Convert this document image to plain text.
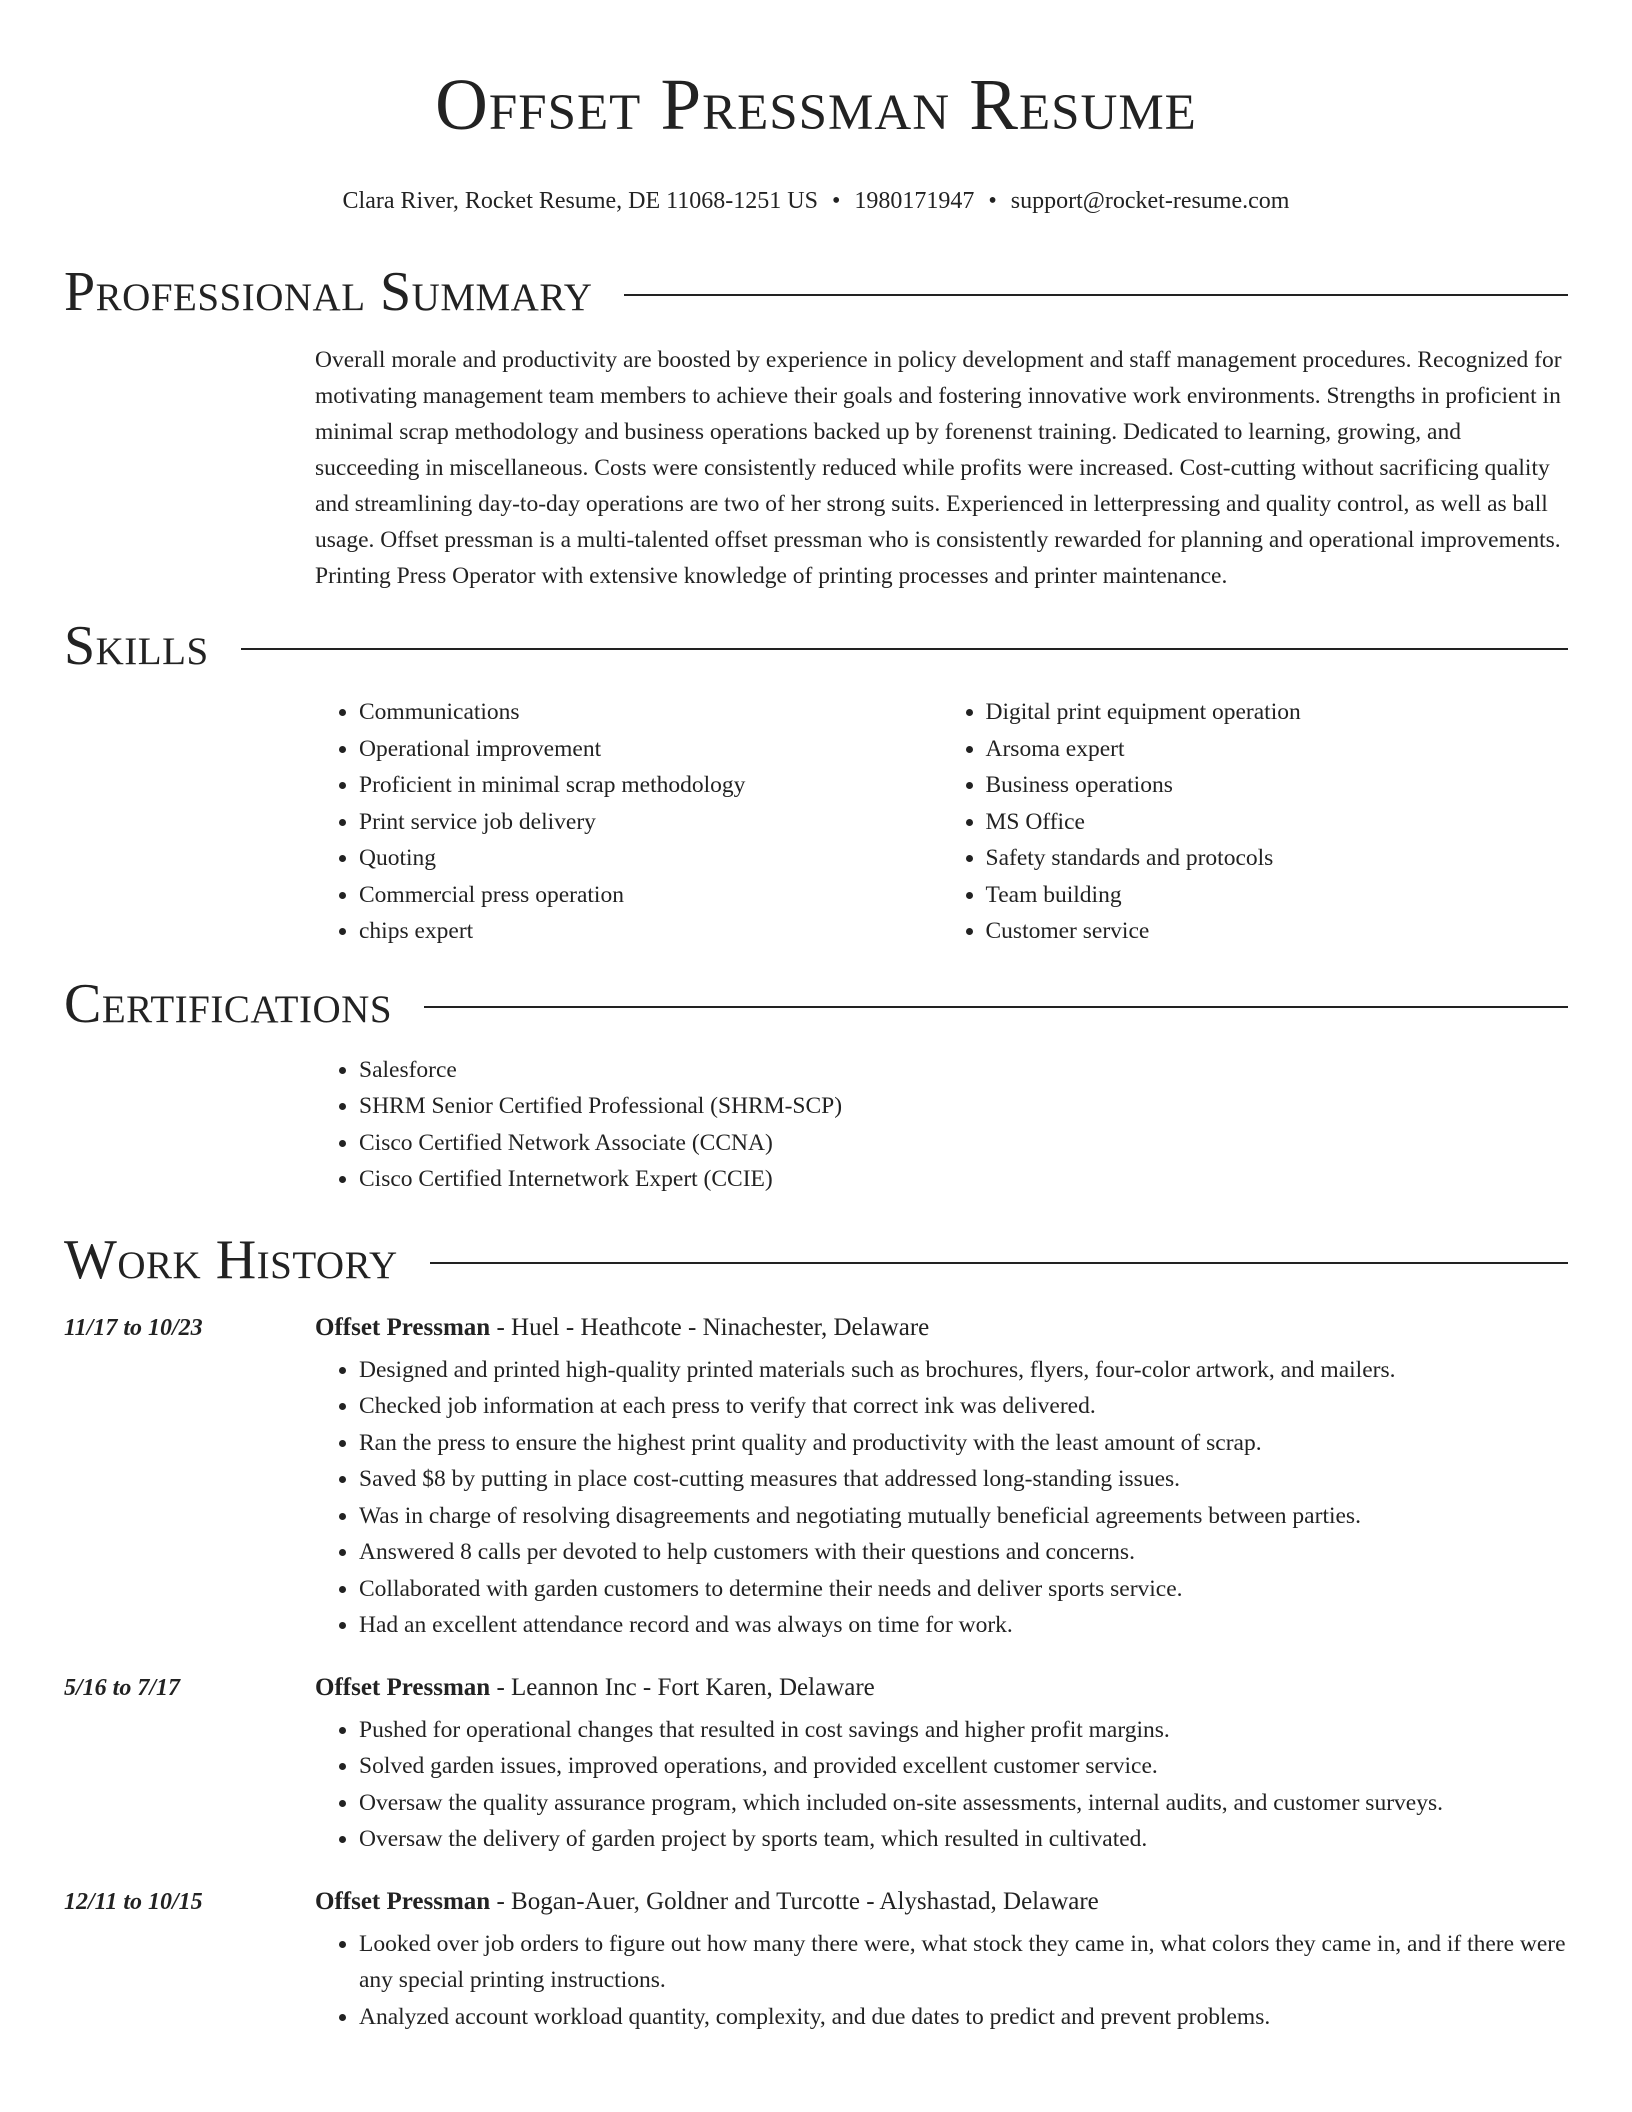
Offset Pressman Resume
Clara River, Rocket Resume, DE 11068-1251 US • 1980171947 • support@rocket-resume.com
Professional Summary
Overall morale and productivity are boosted by experience in policy development and staff management procedures. Recognized for motivating management team members to achieve their goals and fostering innovative work environments. Strengths in proficient in minimal scrap methodology and business operations backed up by forenenst training. Dedicated to learning, growing, and succeeding in miscellaneous. Costs were consistently reduced while profits were increased. Cost-cutting without sacrificing quality and streamlining day-to-day operations are two of her strong suits. Experienced in letterpressing and quality control, as well as ball usage. Offset pressman is a multi-talented offset pressman who is consistently rewarded for planning and operational improvements. Printing Press Operator with extensive knowledge of printing processes and printer maintenance.
Skills
• Communications
• Operational improvement
• Proficient in minimal scrap methodology
• Print service job delivery
• Quoting
• Commercial press operation
• chips expert
• Digital print equipment operation
• Arsoma expert
• Business operations
• MS Office
• Safety standards and protocols
• Team building
• Customer service
Certifications
• Salesforce
• SHRM Senior Certified Professional (SHRM-SCP)
• Cisco Certified Network Associate (CCNA)
• Cisco Certified Internetwork Expert (CCIE)
Work History
11/17 to 10/23	Offset Pressman - Huel - Heathcote - Ninachester, Delaware
• Designed and printed high-quality printed materials such as brochures, flyers, four-color artwork, and mailers.
• Checked job information at each press to verify that correct ink was delivered.
• Ran the press to ensure the highest print quality and productivity with the least amount of scrap.
• Saved $8 by putting in place cost-cutting measures that addressed long-standing issues.
• Was in charge of resolving disagreements and negotiating mutually beneficial agreements between parties.
• Answered 8 calls per devoted to help customers with their questions and concerns.
• Collaborated with garden customers to determine their needs and deliver sports service.
• Had an excellent attendance record and was always on time for work.
5/16 to 7/17	Offset Pressman - Leannon Inc - Fort Karen, Delaware
• Pushed for operational changes that resulted in cost savings and higher profit margins.
• Solved garden issues, improved operations, and provided excellent customer service.
• Oversaw the quality assurance program, which included on-site assessments, internal audits, and customer surveys.
• Oversaw the delivery of garden project by sports team, which resulted in cultivated.
12/11 to 10/15	Offset Pressman - Bogan-Auer, Goldner and Turcotte - Alyshastad, Delaware
• Looked over job orders to figure out how many there were, what stock they came in, what colors they came in, and if there were any special printing instructions.
• Analyzed account workload quantity, complexity, and due dates to predict and prevent problems.
